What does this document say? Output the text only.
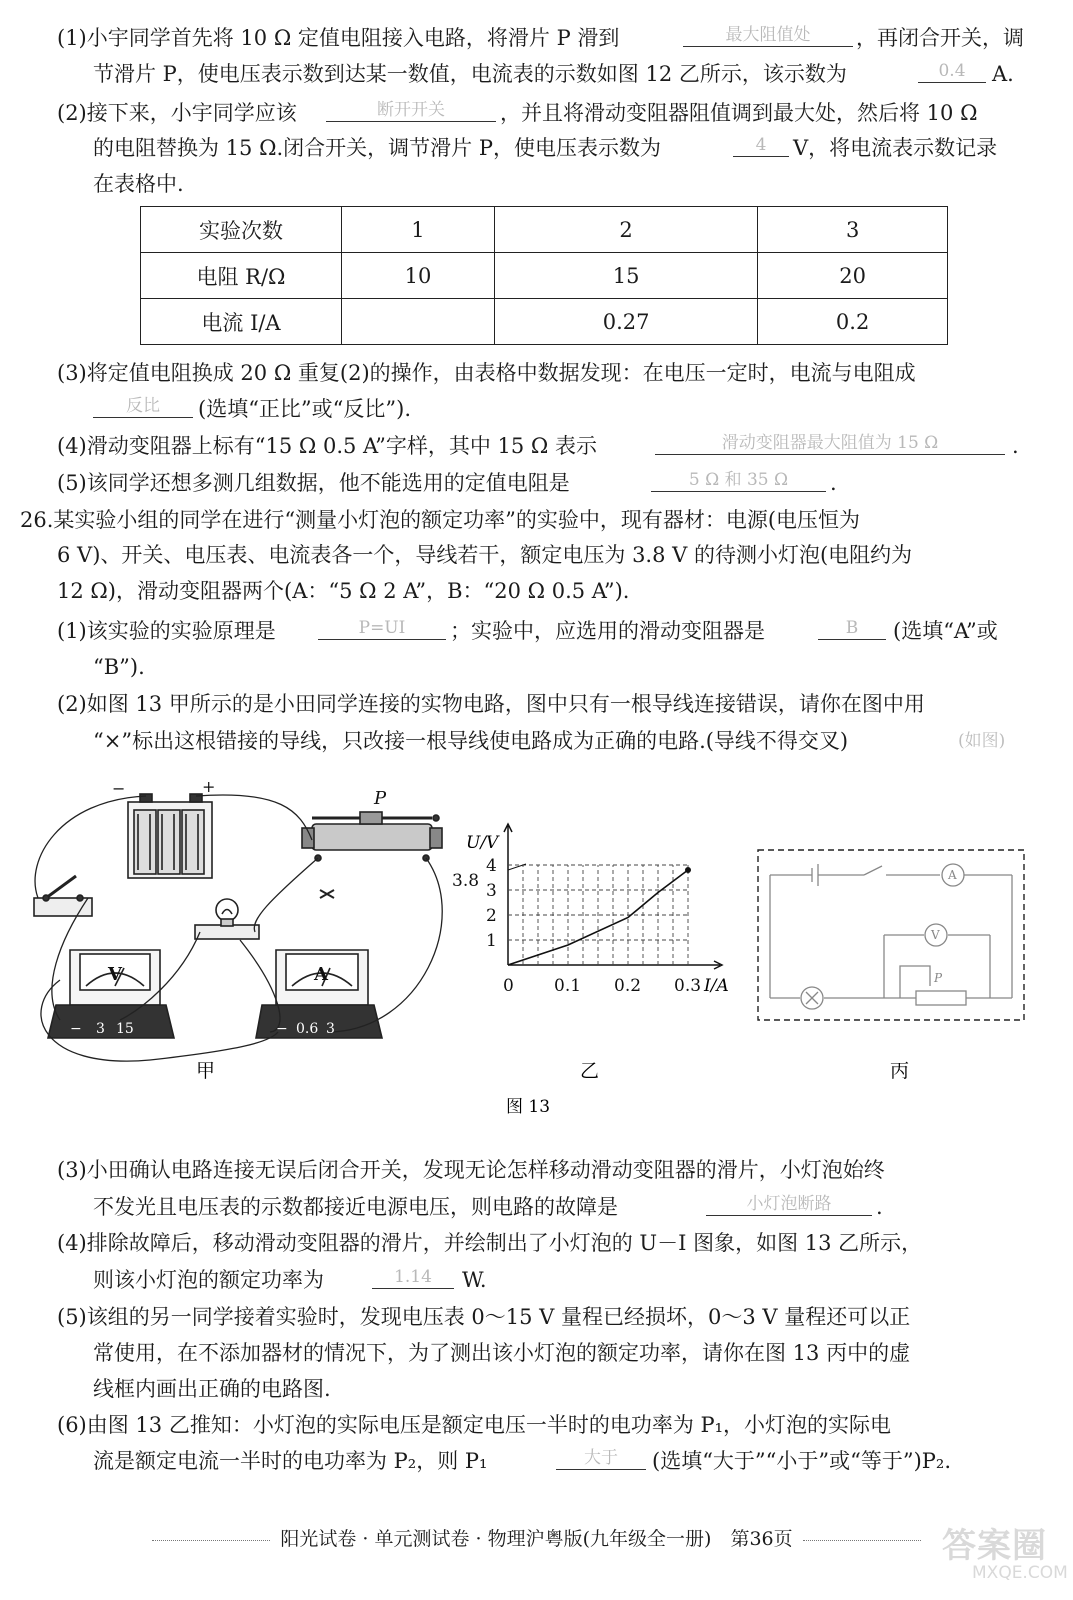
(1)小宇同学首先将 10 Ω 定值电阻接入电路，将滑片 P 滑到	最大阻值处	，再闭合开关，调
节滑片 P，使电压表示数到达某一数值，电流表的示数如图 12 乙所示，该示数为	0.4	A.
(2)接下来，小宇同学应该	断开开关	，并且将滑动变阻器阻值调到最大处，然后将 10 Ω
的电阻替换为 15 Ω.闭合开关，调节滑片 P，使电压表示数为	4	V，将电流表示数记录
在表格中.
实验次数	1	2	3
电阻 R/Ω	10	15	20
电流 I/A		0.27	0.2
(3)将定值电阻换成 20 Ω 重复(2)的操作，由表格中数据发现：在电压一定时，电流与电阻成
反比	(选填“正比”或“反比”).
(4)滑动变阻器上标有“15 Ω 0.5 A”字样，其中 15 Ω 表示	滑动变阻器最大阻值为 15 Ω	.
(5)该同学还想多测几组数据，他不能选用的定值电阻是	5 Ω 和 35 Ω	.
26.某实验小组的同学在进行“测量小灯泡的额定功率”的实验中，现有器材：电源(电压恒为
6 V)、开关、电压表、电流表各一个，导线若干，额定电压为 3.8 V 的待测小灯泡(电阻约为
12 Ω)，滑动变阻器两个(A：“5 Ω 2 A”，B：“20 Ω 0.5 A”).
(1)该实验的实验原理是	P=UI	；实验中，应选用的滑动变阻器是	B	(选填“A”或
“B”).
(2)如图 13 甲所示的是小田同学连接的实物电路，图中只有一根导线连接错误，请你在图中用
“×”标出这根错接的导线，只改接一根导线使电路成为正确的电路.(导线不得交叉)	(如图)
−	+
P
V	A
− 3 15	− 0.6 3
1
2
3
4
3.8
0 0.1 0.2 0.3
U/V
I/A
A
V
P
甲	乙	丙
图 13
(3)小田确认电路连接无误后闭合开关，发现无论怎样移动滑动变阻器的滑片，小灯泡始终
不发光且电压表的示数都接近电源电压，则电路的故障是	小灯泡断路	.
(4)排除故障后，移动滑动变阻器的滑片，并绘制出了小灯泡的 U－I 图象，如图 13 乙所示，
则该小灯泡的额定功率为	1.14	W.
(5)该组的另一同学接着实验时，发现电压表 0～15 V 量程已经损坏，0～3 V 量程还可以正
常使用，在不添加器材的情况下，为了测出该小灯泡的额定功率，请你在图 13 丙中的虚
线框内画出正确的电路图.
(6)由图 13 乙推知：小灯泡的实际电压是额定电压一半时的电功率为 P₁，小灯泡的实际电
流是额定电流一半时的电功率为 P₂，则 P₁	大于	(选填“大于”“小于”或“等于”)P₂.
阳光试卷 · 单元测试卷 · 物理沪粤版(九年级全一册)　第36页	答案圈
MXQE.COM
